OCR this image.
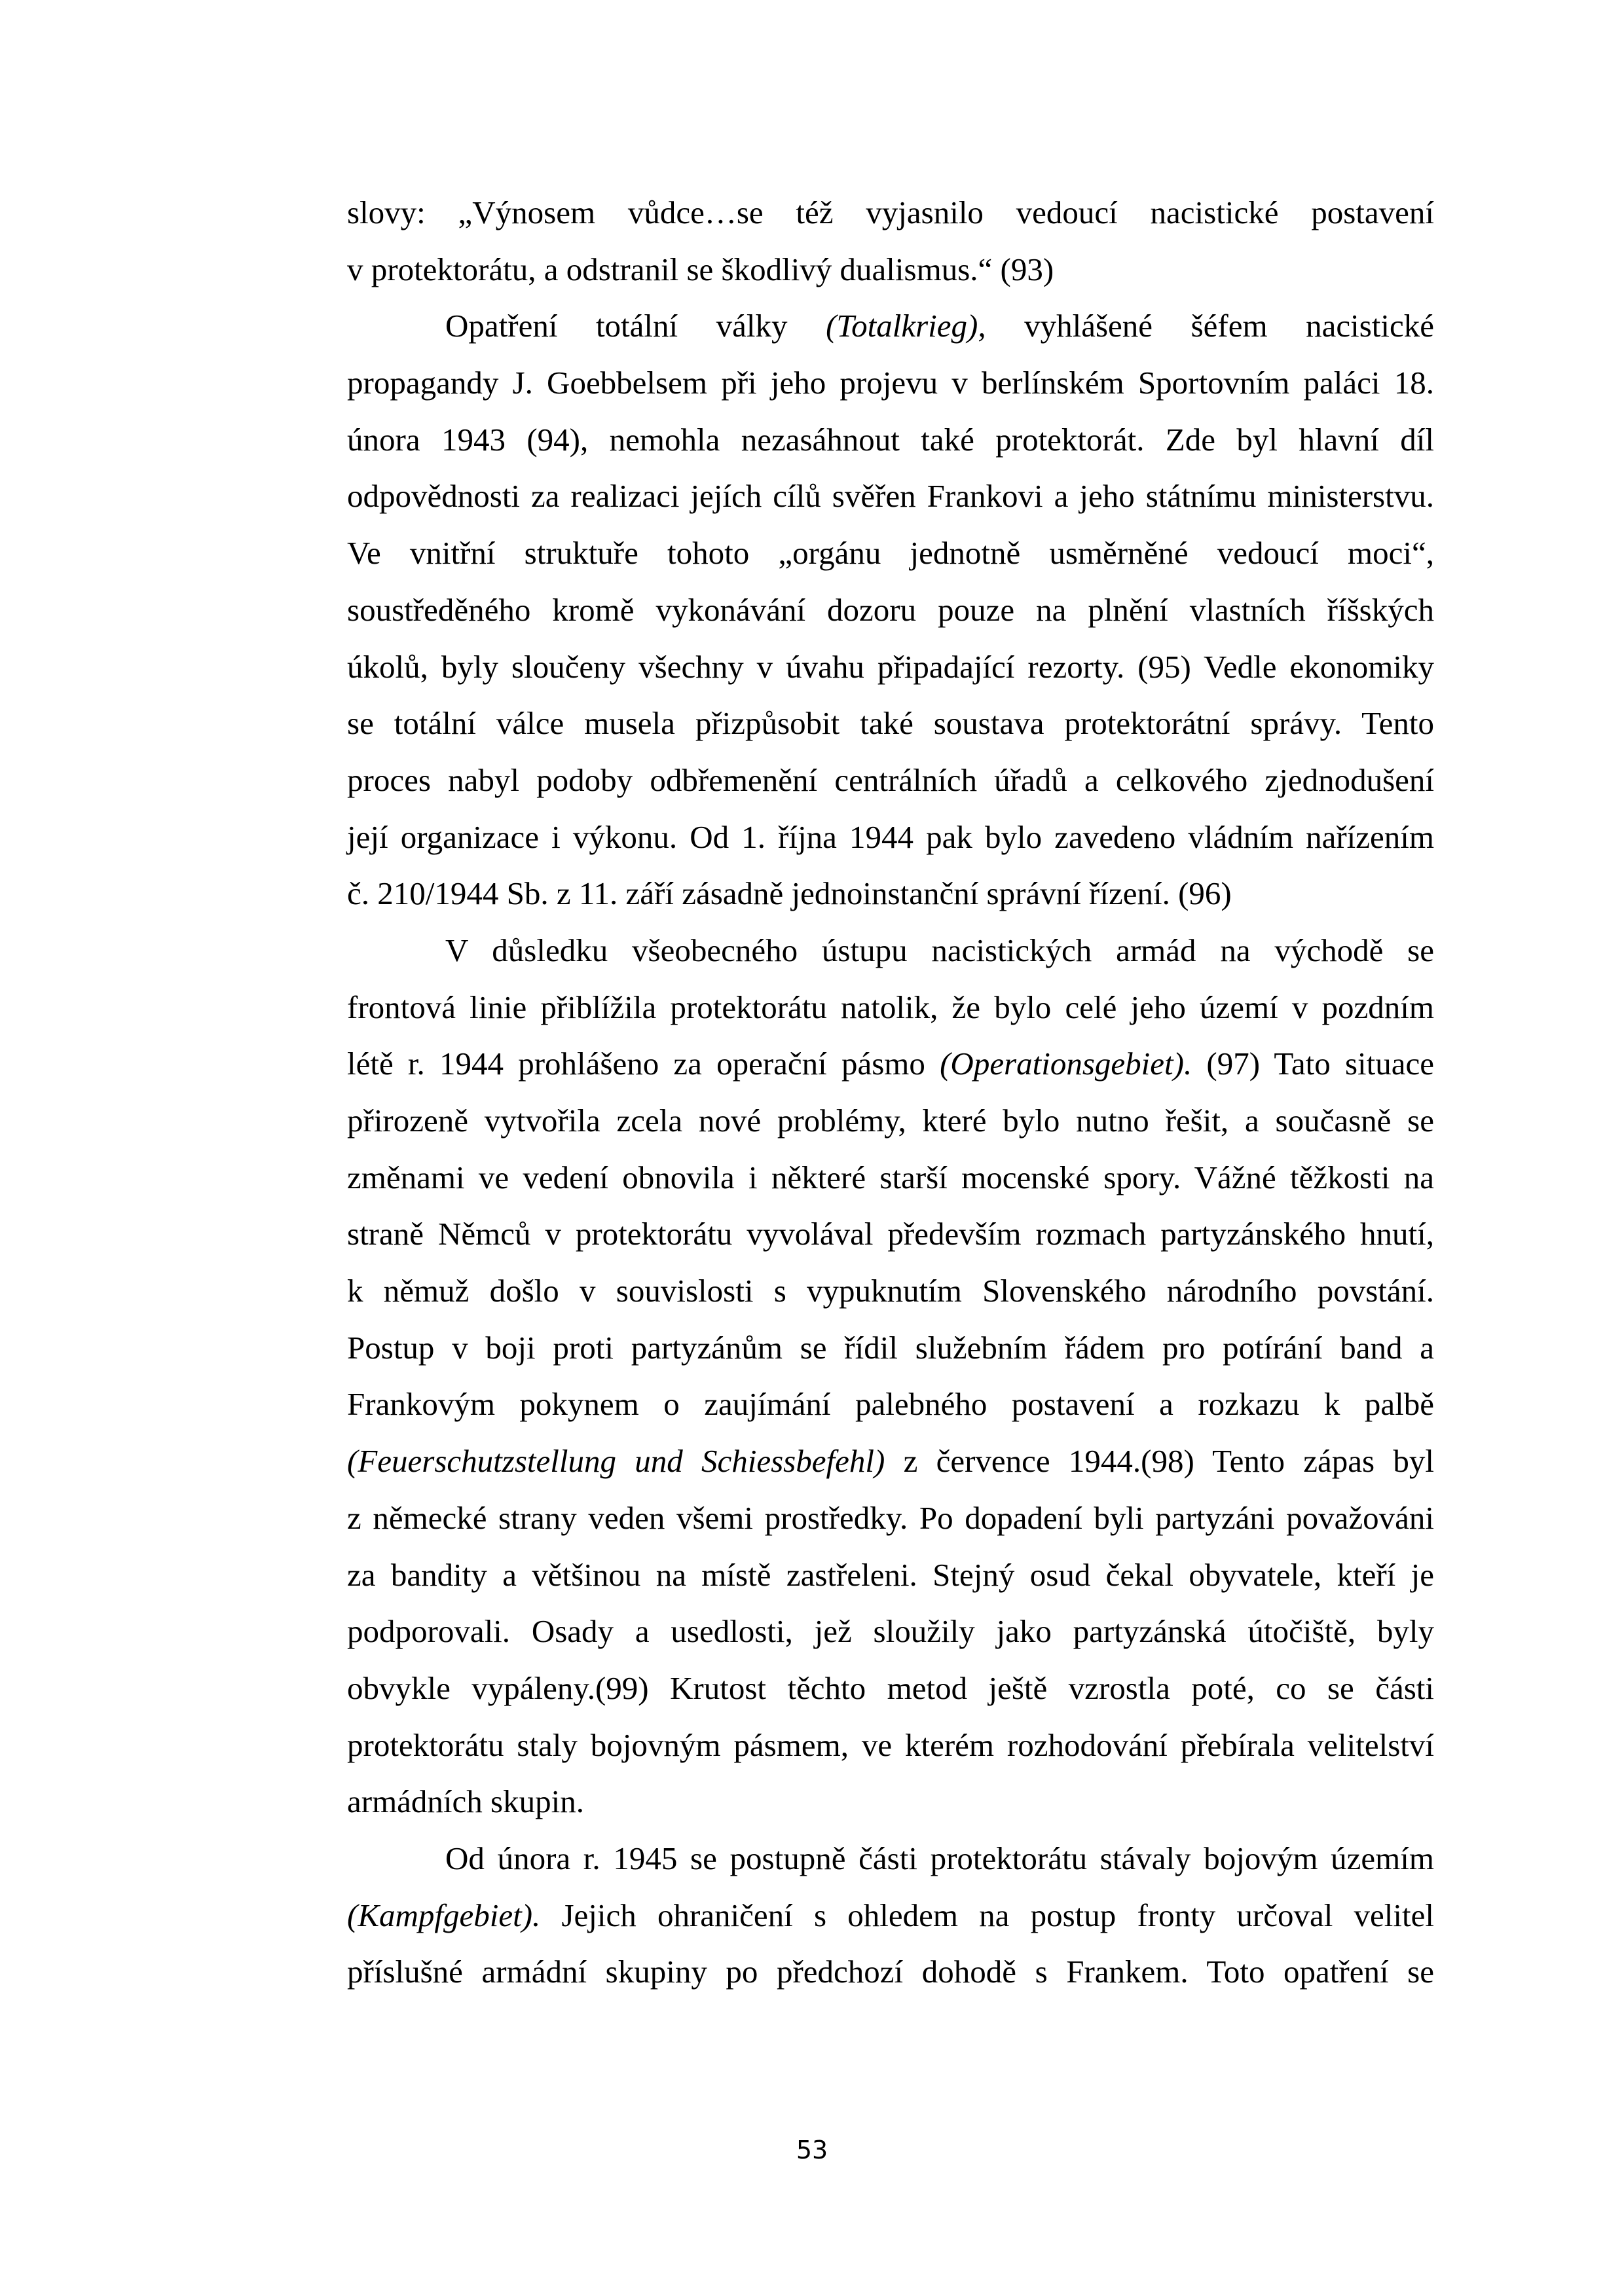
slovy: „Výnosem vůdce…se též vyjasnilo vedoucí nacistické postavení
v protektorátu, a odstranil se škodlivý dualismus.“ (93)
Opatření totální války (Totalkrieg), vyhlášené šéfem nacistické
propagandy J. Goebbelsem při jeho projevu v berlínském Sportovním paláci 18.
února 1943 (94), nemohla nezasáhnout také protektorát. Zde byl hlavní díl
odpovědnosti za realizaci jejích cílů svěřen Frankovi a jeho státnímu ministerstvu.
Ve vnitřní struktuře tohoto „orgánu jednotně usměrněné vedoucí moci“,
soustředěného kromě vykonávání dozoru pouze na plnění vlastních říšských
úkolů, byly sloučeny všechny v úvahu připadající rezorty. (95) Vedle ekonomiky
se totální válce musela přizpůsobit také soustava protektorátní správy. Tento
proces nabyl podoby odbřemenění centrálních úřadů a celkového zjednodušení
její organizace i výkonu. Od 1. října 1944 pak bylo zavedeno vládním nařízením
č. 210/1944 Sb. z 11. září zásadně jednoinstanční správní řízení. (96)
V důsledku všeobecného ústupu nacistických armád na východě se
frontová linie přiblížila protektorátu natolik, že bylo celé jeho území v pozdním
létě r. 1944 prohlášeno za operační pásmo (Operationsgebiet). (97) Tato situace
přirozeně vytvořila zcela nové problémy, které bylo nutno řešit, a současně se
změnami ve vedení obnovila i některé starší mocenské spory. Vážné těžkosti na
straně Němců v protektorátu vyvolával především rozmach partyzánského hnutí,
k němuž došlo v souvislosti s vypuknutím Slovenského národního povstání.
Postup v boji proti partyzánům se řídil služebním řádem pro potírání band a
Frankovým pokynem o zaujímání palebného postavení a rozkazu k palbě
(Feuerschutzstellung und Schiessbefehl) z července 1944.(98) Tento zápas byl
z německé strany veden všemi prostředky. Po dopadení byli partyzáni považováni
za bandity a většinou na místě zastřeleni. Stejný osud čekal obyvatele, kteří je
podporovali. Osady a usedlosti, jež sloužily jako partyzánská útočiště, byly
obvykle vypáleny.(99) Krutost těchto metod ještě vzrostla poté, co se části
protektorátu staly bojovným pásmem, ve kterém rozhodování přebírala velitelství
armádních skupin.
Od února r. 1945 se postupně části protektorátu stávaly bojovým územím
(Kampfgebiet). Jejich ohraničení s ohledem na postup fronty určoval velitel
příslušné armádní skupiny po předchozí dohodě s Frankem. Toto opatření se
53
